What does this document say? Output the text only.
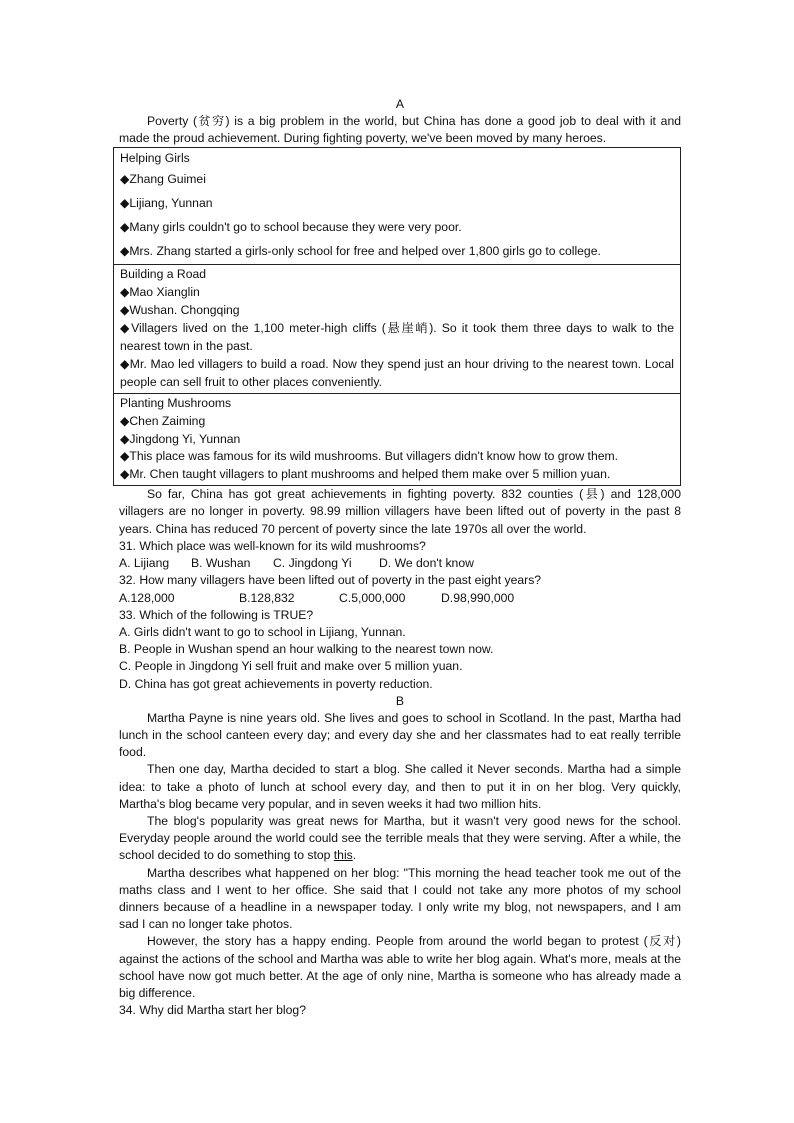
A

Poverty (贫穷) is a big problem in the world, but China has done a good job to deal with it and made the proud achievement. During fighting poverty, we've been moved by many heroes.

Helping Girls
◆Zhang Guimei
◆Lijiang, Yunnan
◆Many girls couldn't go to school because they were very poor.
◆Mrs. Zhang started a girls-only school for free and helped over 1,800 girls go to college.

Building a Road
◆Mao Xianglin
◆Wushan. Chongqing
◆Villagers lived on the 1,100 meter-high cliffs (悬崖峭). So it took them three days to walk to the nearest town in the past.
◆Mr. Mao led villagers to build a road. Now they spend just an hour driving to the nearest town. Local people can sell fruit to other places conveniently.

Planting Mushrooms
◆Chen Zaiming
◆Jingdong Yi, Yunnan
◆This place was famous for its wild mushrooms. But villagers didn't know how to grow them.
◆Mr. Chen taught villagers to plant mushrooms and helped them make over 5 million yuan.

So far, China has got great achievements in fighting poverty. 832 counties (县) and 128,000 villagers are no longer in poverty. 98.99 million villagers have been lifted out of poverty in the past 8 years. China has reduced 70 percent of poverty since the late 1970s all over the world.

31. Which place was well-known for its wild mushrooms?

A. Lijiang	B. Wushan	C. Jingdong Yi	D. We don't know

32. How many villagers have been lifted out of poverty in the past eight years?

A.128,000	B.128,832	C.5,000,000	D.98,990,000

33. Which of the following is TRUE?

A. Girls didn't want to go to school in Lijiang, Yunnan.

B. People in Wushan spend an hour walking to the nearest town now.

C. People in Jingdong Yi sell fruit and make over 5 million yuan.

D. China has got great achievements in poverty reduction.

B

Martha Payne is nine years old. She lives and goes to school in Scotland. In the past, Martha had lunch in the school canteen every day; and every day she and her classmates had to eat really terrible food.

Then one day, Martha decided to start a blog. She called it Never seconds. Martha had a simple idea: to take a photo of lunch at school every day, and then to put it in on her blog. Very quickly, Martha's blog became very popular, and in seven weeks it had two million hits.

The blog's popularity was great news for Martha, but it wasn't very good news for the school. Everyday people around the world could see the terrible meals that they were serving. After a while, the school decided to do something to stop this.

Martha describes what happened on her blog: "This morning the head teacher took me out of the maths class and I went to her office. She said that I could not take any more photos of my school dinners because of a headline in a newspaper today. I only write my blog, not newspapers, and I am sad I can no longer take photos.

However, the story has a happy ending. People from around the world began to protest (反对) against the actions of the school and Martha was able to write her blog again. What's more, meals at the school have now got much better. At the age of only nine, Martha is someone who has already made a big difference.

34. Why did Martha start her blog?
